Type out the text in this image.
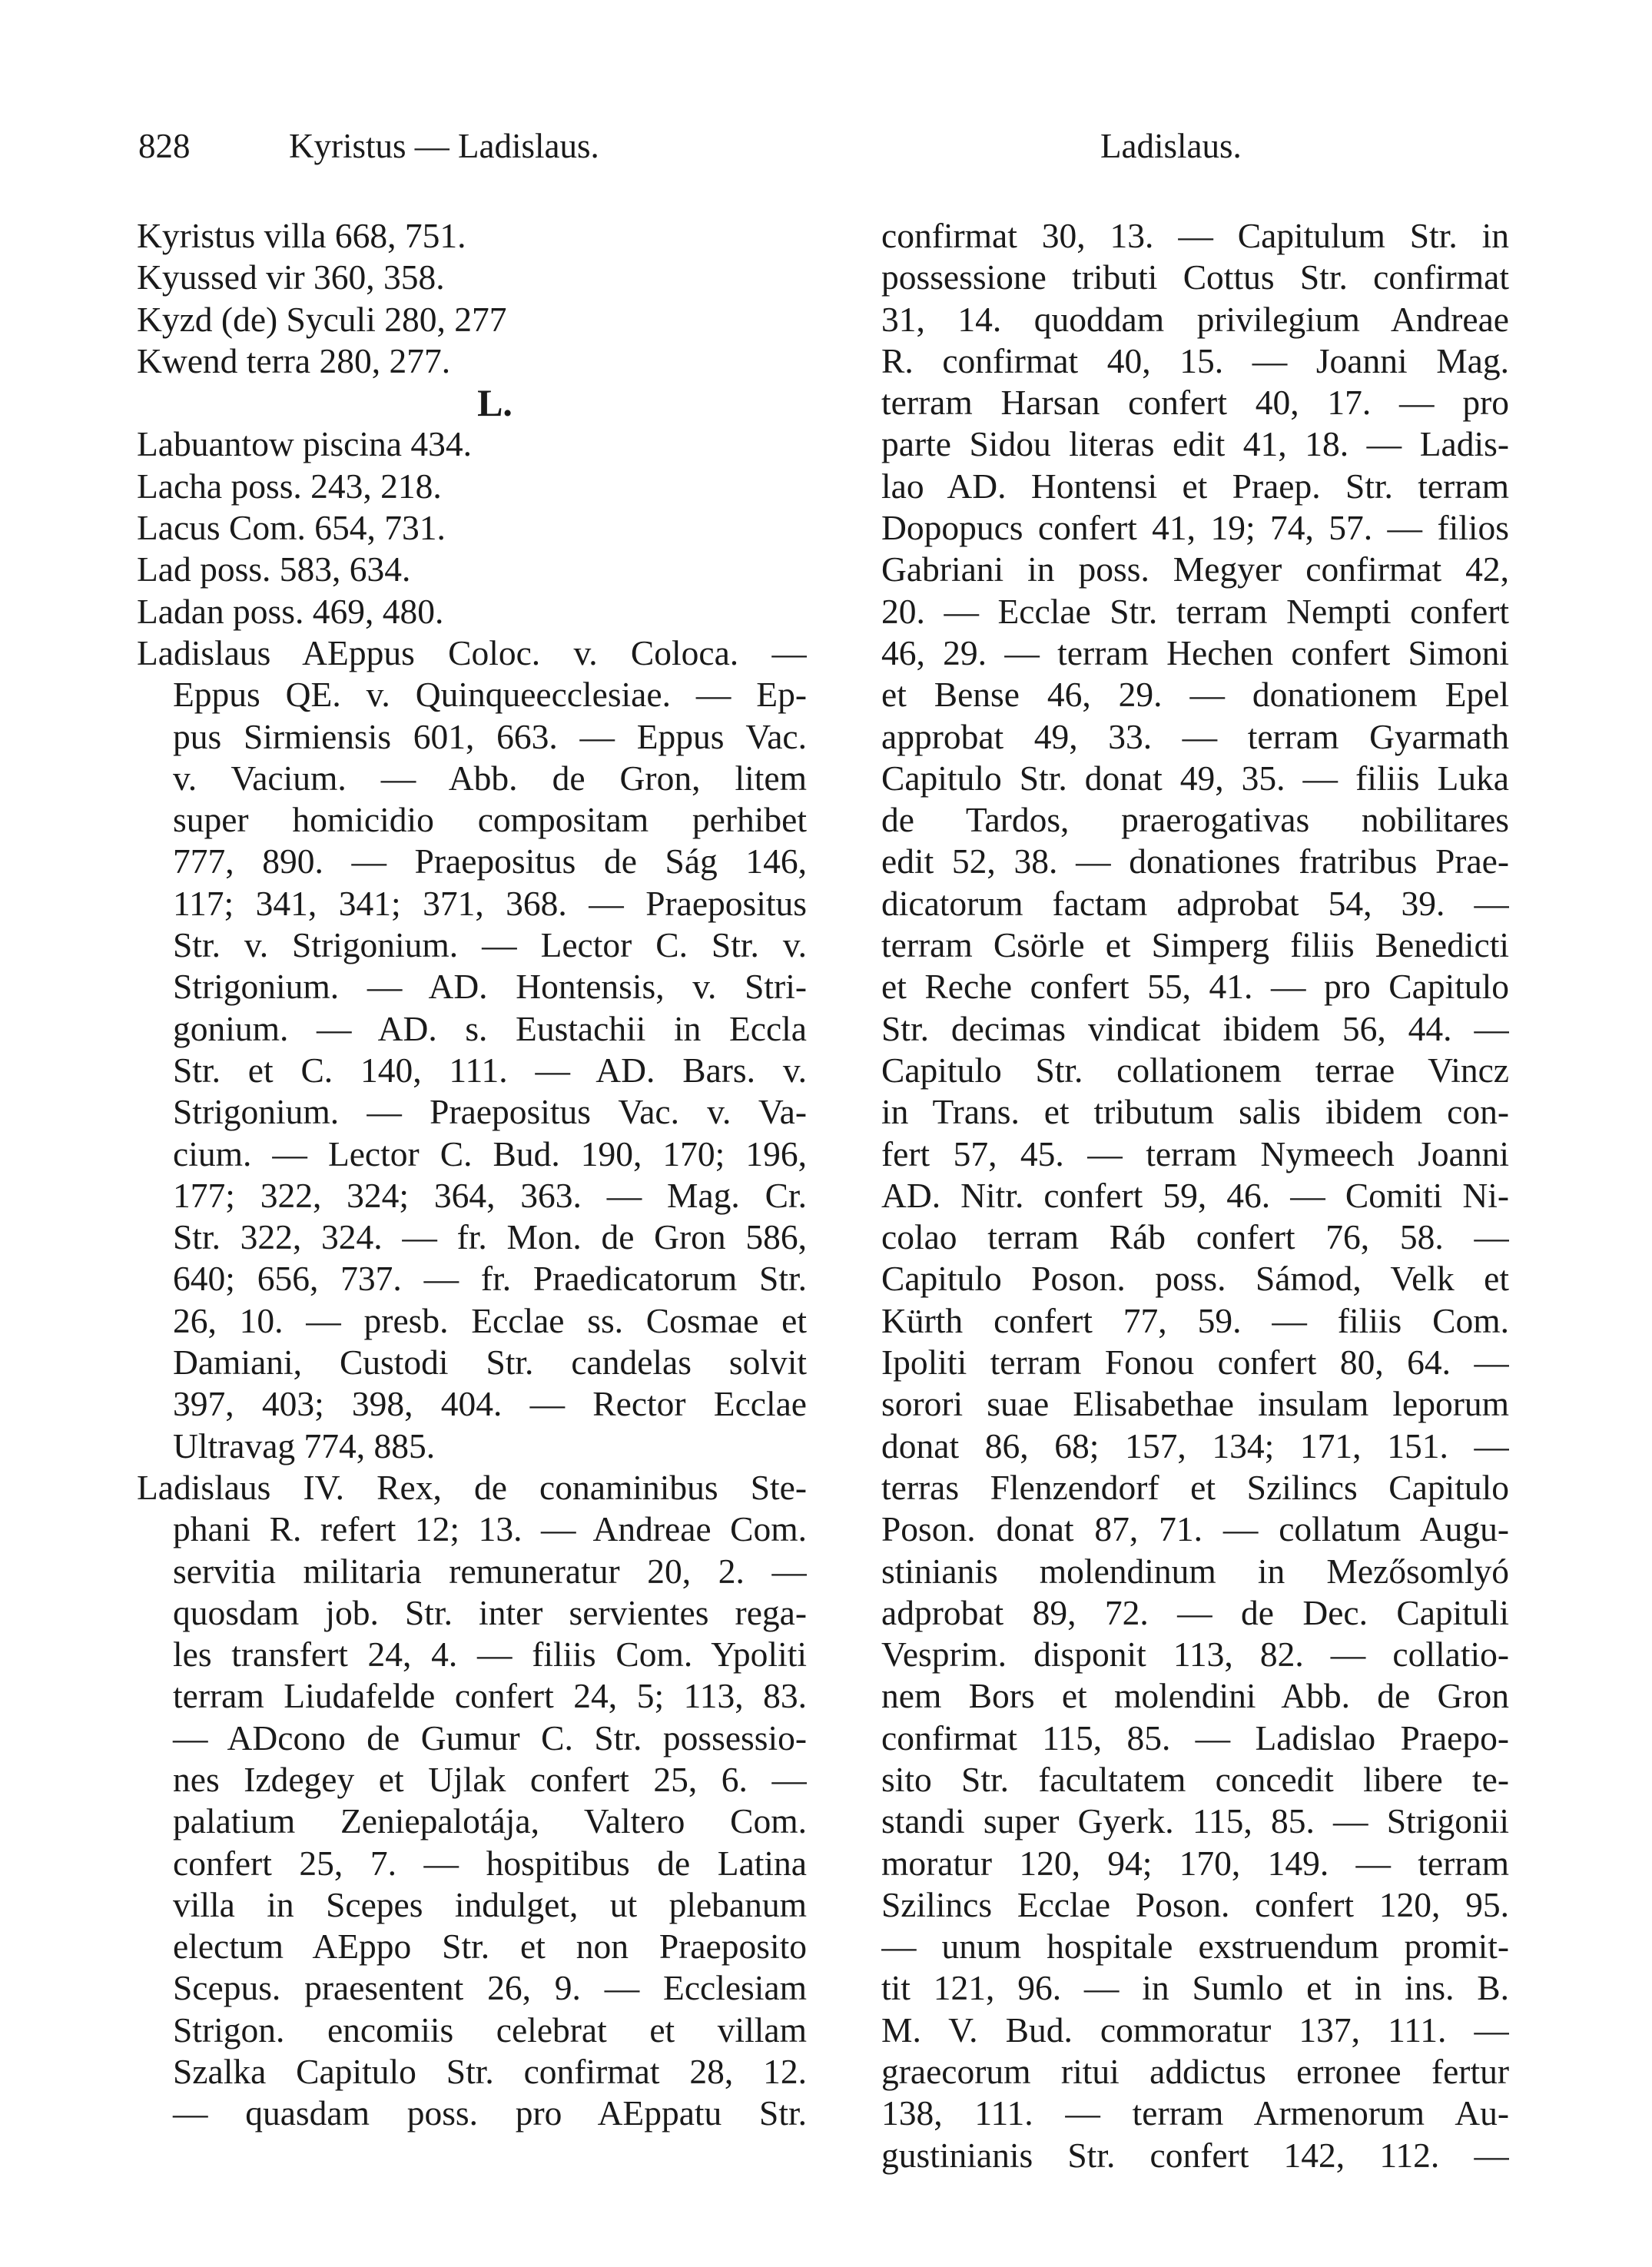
828	Kyristus — Ladislaus.	Ladislaus.
Kyristus villa 668, 751.
Kyussed vir 360, 358.
Kyzd (de) Syculi 280, 277
Kwend terra 280, 277.
L.
Labuantow piscina 434.
Lacha poss. 243, 218.
Lacus Com. 654, 731.
Lad poss. 583, 634.
Ladan poss. 469, 480.
Ladislaus AEppus Coloc. v. Coloca. —
Eppus QE. v. Quinqueecclesiae. — Ep-
pus Sirmiensis 601, 663. — Eppus Vac.
v. Vacium. — Abb. de Gron, litem
super homicidio compositam perhibet
777, 890. — Praepositus de Ság 146,
117; 341, 341; 371, 368. — Praepositus
Str. v. Strigonium. — Lector C. Str. v.
Strigonium. — AD. Hontensis, v. Stri-
gonium. — AD. s. Eustachii in Eccla
Str. et C. 140, 111. — AD. Bars. v.
Strigonium. — Praepositus Vac. v. Va-
cium. — Lector C. Bud. 190, 170; 196,
177; 322, 324; 364, 363. — Mag. Cr.
Str. 322, 324. — fr. Mon. de Gron 586,
640; 656, 737. — fr. Praedicatorum Str.
26, 10. — presb. Ecclae ss. Cosmae et
Damiani, Custodi Str. candelas solvit
397, 403; 398, 404. — Rector Ecclae
Ultravag 774, 885.
Ladislaus IV. Rex, de conaminibus Ste-
phani R. refert 12; 13. — Andreae Com.
servitia militaria remuneratur 20, 2. —
quosdam job. Str. inter servientes rega-
les transfert 24, 4. — filiis Com. Ypoliti
terram Liudafelde confert 24, 5; 113, 83.
— ADcono de Gumur C. Str. possessio-
nes Izdegey et Ujlak confert 25, 6. —
palatium Zeniepalotája, Valtero Com.
confert 25, 7. — hospitibus de Latina
villa in Scepes indulget, ut plebanum
electum AEppo Str. et non Praeposito
Scepus. praesentent 26, 9. — Ecclesiam
Strigon. encomiis celebrat et villam
Szalka Capitulo Str. confirmat 28, 12.
— quasdam poss. pro AEppatu Str.
confirmat 30, 13. — Capitulum Str. in
possessione tributi Cottus Str. confirmat
31, 14. quoddam privilegium Andreae
R. confirmat 40, 15. — Joanni Mag.
terram Harsan confert 40, 17. — pro
parte Sidou literas edit 41, 18. — Ladis-
lao AD. Hontensi et Praep. Str. terram
Dopopucs confert 41, 19; 74, 57. — filios
Gabriani in poss. Megyer confirmat 42,
20. — Ecclae Str. terram Nempti confert
46, 29. — terram Hechen confert Simoni
et Bense 46, 29. — donationem Epel
approbat 49, 33. — terram Gyarmath
Capitulo Str. donat 49, 35. — filiis Luka
de Tardos, praerogativas nobilitares
edit 52, 38. — donationes fratribus Prae-
dicatorum factam adprobat 54, 39. —
terram Csörle et Simperg filiis Benedicti
et Reche confert 55, 41. — pro Capitulo
Str. decimas vindicat ibidem 56, 44. —
Capitulo Str. collationem terrae Vincz
in Trans. et tributum salis ibidem con-
fert 57, 45. — terram Nymeech Joanni
AD. Nitr. confert 59, 46. — Comiti Ni-
colao terram Ráb confert 76, 58. —
Capitulo Poson. poss. Sámod, Velk et
Kürth confert 77, 59. — filiis Com.
Ipoliti terram Fonou confert 80, 64. —
sorori suae Elisabethae insulam leporum
donat 86, 68; 157, 134; 171, 151. —
terras Flenzendorf et Szilincs Capitulo
Poson. donat 87, 71. — collatum Augu-
stinianis molendinum in Mezősomlyó
adprobat 89, 72. — de Dec. Capituli
Vesprim. disponit 113, 82. — collatio-
nem Bors et molendini Abb. de Gron
confirmat 115, 85. — Ladislao Praepo-
sito Str. facultatem concedit libere te-
standi super Gyerk. 115, 85. — Strigonii
moratur 120, 94; 170, 149. — terram
Szilincs Ecclae Poson. confert 120, 95.
— unum hospitale exstruendum promit-
tit 121, 96. — in Sumlo et in ins. B.
M. V. Bud. commoratur 137, 111. —
graecorum ritui addictus erronee fertur
138, 111. — terram Armenorum Au-
gustinianis Str. confert 142, 112. —
